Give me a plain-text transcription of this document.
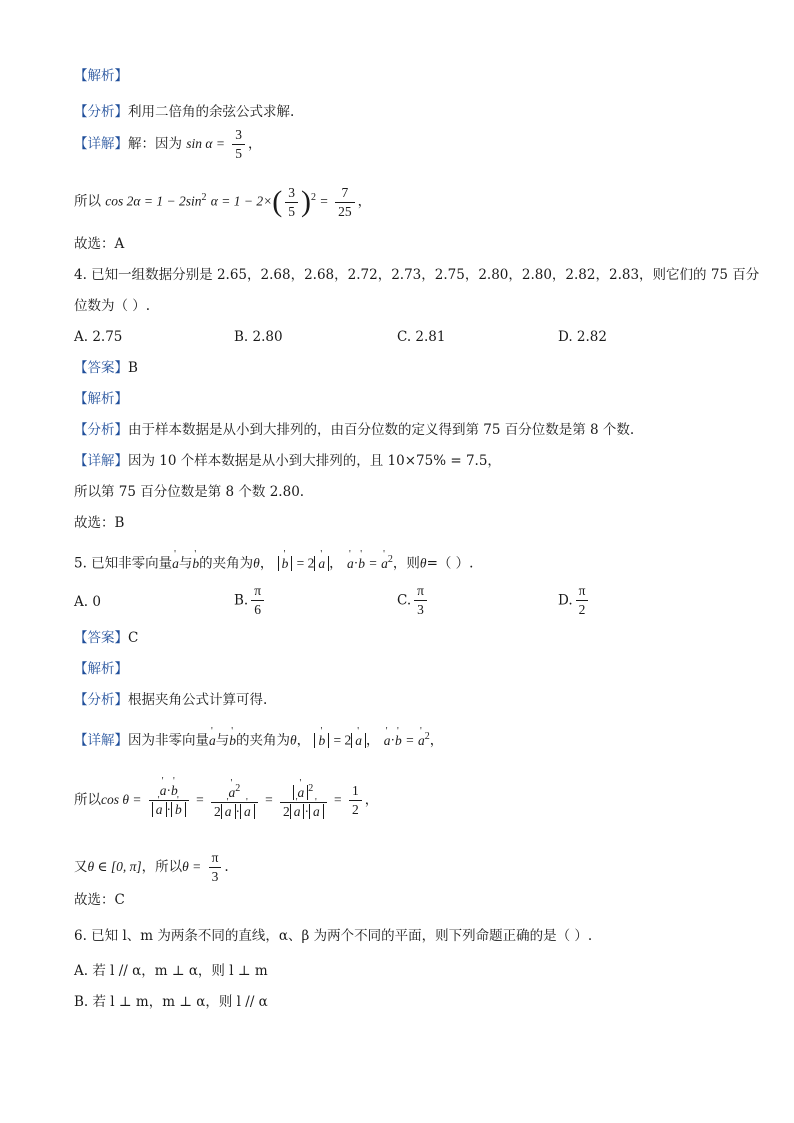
【解析】
【分析】利用二倍角的余弦公式求解.
【详解】解：因为 $\sin \alpha = \frac{3}{5}$ ，
所以 $\cos 2\alpha = 1 - 2\sin^2$ $\alpha = 1 - 2\times( \frac{3}{5} )^2 = \frac{7}{25}$ ，
故选：A
4. 已知一组数据分别是 2.65，2.68，2.68，2.72，2.73，2.75，2.80，2.80，2.82，2.83，则它们的 75 百分
位数为（ ）.
A. 2.75	B. 2.80	C. 2.81	D. 2.82
【答案】B
【解析】
【分析】由于样本数据是从小到大排列的，由百分位数的定义得到第 75 百分位数是第 8 个数.
【详解】因为 10 个样本数据是从小到大排列的，且 10×75% = 7.5，
所以第 75 百分位数是第 8 个数 2.80.
故选：B
5. 已知非零向量' a与' b的夹角为θ， ' b = 2 ' a ， ' a·' b = ' $a^2$，则θ=（ ）.
A. 0	B. $\frac{\pi}{6}$	C. $\frac{\pi}{3}$	D. $\frac{\pi}{2}$
【答案】C
【解析】
【分析】根据夹角公式计算可得.
【详解】因为非零向量' a与' b的夹角为θ， ' b = 2 ' a ， ' a·' b = ' $a^2$，
所以cos θ = ' a·' b
' a · ' b = ' $\frac{a^2}{2 ' a \cdot ' a}$ = ' $\frac{a ^2}{2 ' a \cdot ' a} = \frac{1}{2}$ ，
又θ ∈ [0, π]，所以$\theta = \frac{\pi}{3}$ .
故选：C
6. 已知 l、m 为两条不同的直线，α、β 为两个不同的平面，则下列命题正确的是（ ）.
A. 若 l // α，m ⊥ α，则 l ⊥ m
B. 若 l ⊥ m，m ⊥ α，则 l // α
